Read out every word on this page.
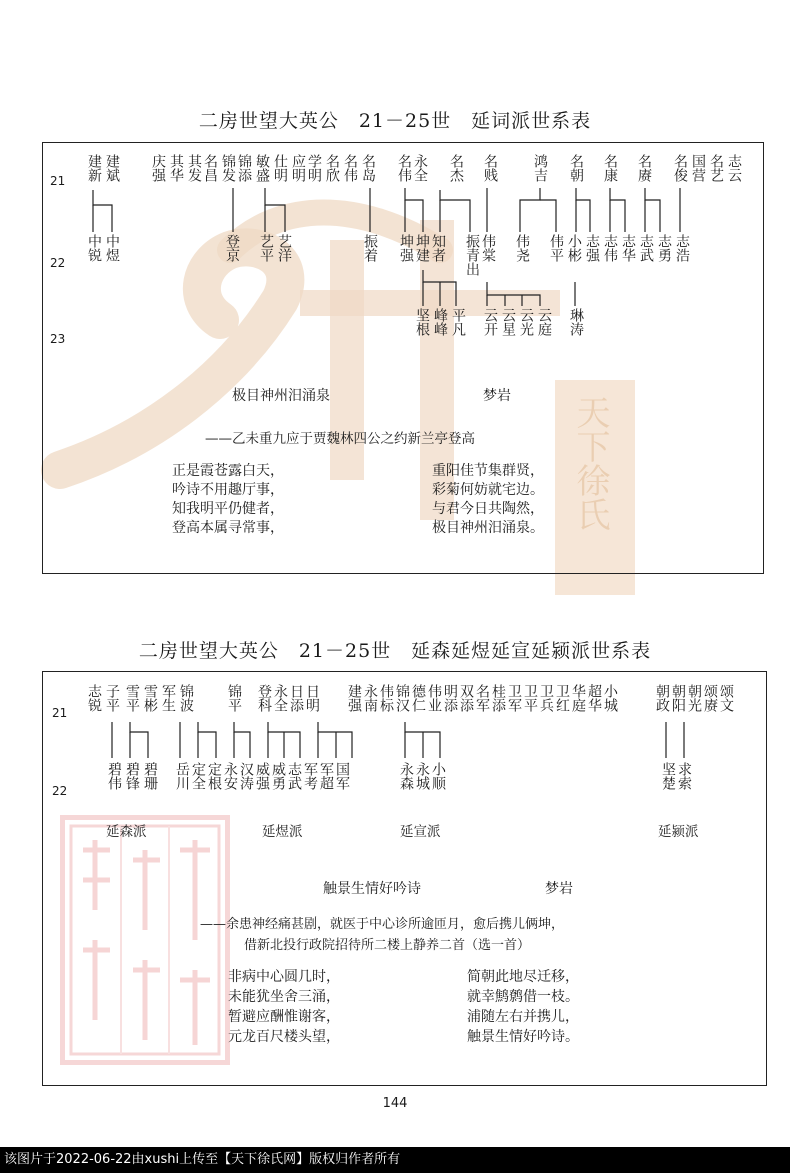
天下徐氏
二房世望大英公　21－25世　延词派世系表
21
22
23
建新 建斌 庆强 其华 其发 名昌 锦发 锦添 敏盛 仕明 应明 学明 名欣 名伟 名岛 名伟 永全 名杰 名贱 鸿吉 名朝 名康 名赓 名俊 国营 名艺 志云
中锐 中煜	登京 艺平 艺洋	振着 坤强 坤建 知者 振青出 伟棠 伟尧 伟平 小彬 志强 志伟 志华 志武 志勇 志浩
坚根 峰峰 平凡 云开 云星 云光 云庭 琳涛
极目神州汨涌泉	梦岩
——乙未重九应于贾魏林四公之约新兰亭登高
正是霞苍露白天，
吟诗不用趣厅事，
知我明平仍健者，
登高本属寻常事，
重阳佳节集群贤，
彩菊何妨就宅边。
与君今日共陶然，
极目神州汨涌泉。
二房世望大英公　21－25世　延森延煜延宣延颍派世系表
21
22
志锐 子平 雪平 雪彬 军生 锦波 锦平 登科 永全 日添 日明 建强 永南 伟标 锦汉 德仁 伟业 明添 双添 名军 桂添 卫军 卫平 卫兵 卫红 华庭 超华 小城	朝政 朝阳 朝光 颂赓 颂文
碧伟 碧锋 碧珊 岳川 定全 定根 永安 汉涛 威强 威勇 志武 军考 军超 国军	永森 永城 小顺	坚楚 求索
延森派	延煜派	延宣派	延颍派
触景生情好吟诗	梦岩
——余患神经痛甚剧，就医于中心诊所逾匝月，愈后携儿俩坤，
借新北投行政院招待所二楼上静养二首（选一首）
非病中心圆几时，
未能犹坐舍三涌，
暂避应酬惟谢客，
元龙百尺楼头望，
简朝此地尽迁移，
就幸鹪鹩借一枝。
浦随左右并携儿，
触景生情好吟诗。
144
该图片于2022-06-22由xushi上传至【天下徐氏网】版权归作者所有
